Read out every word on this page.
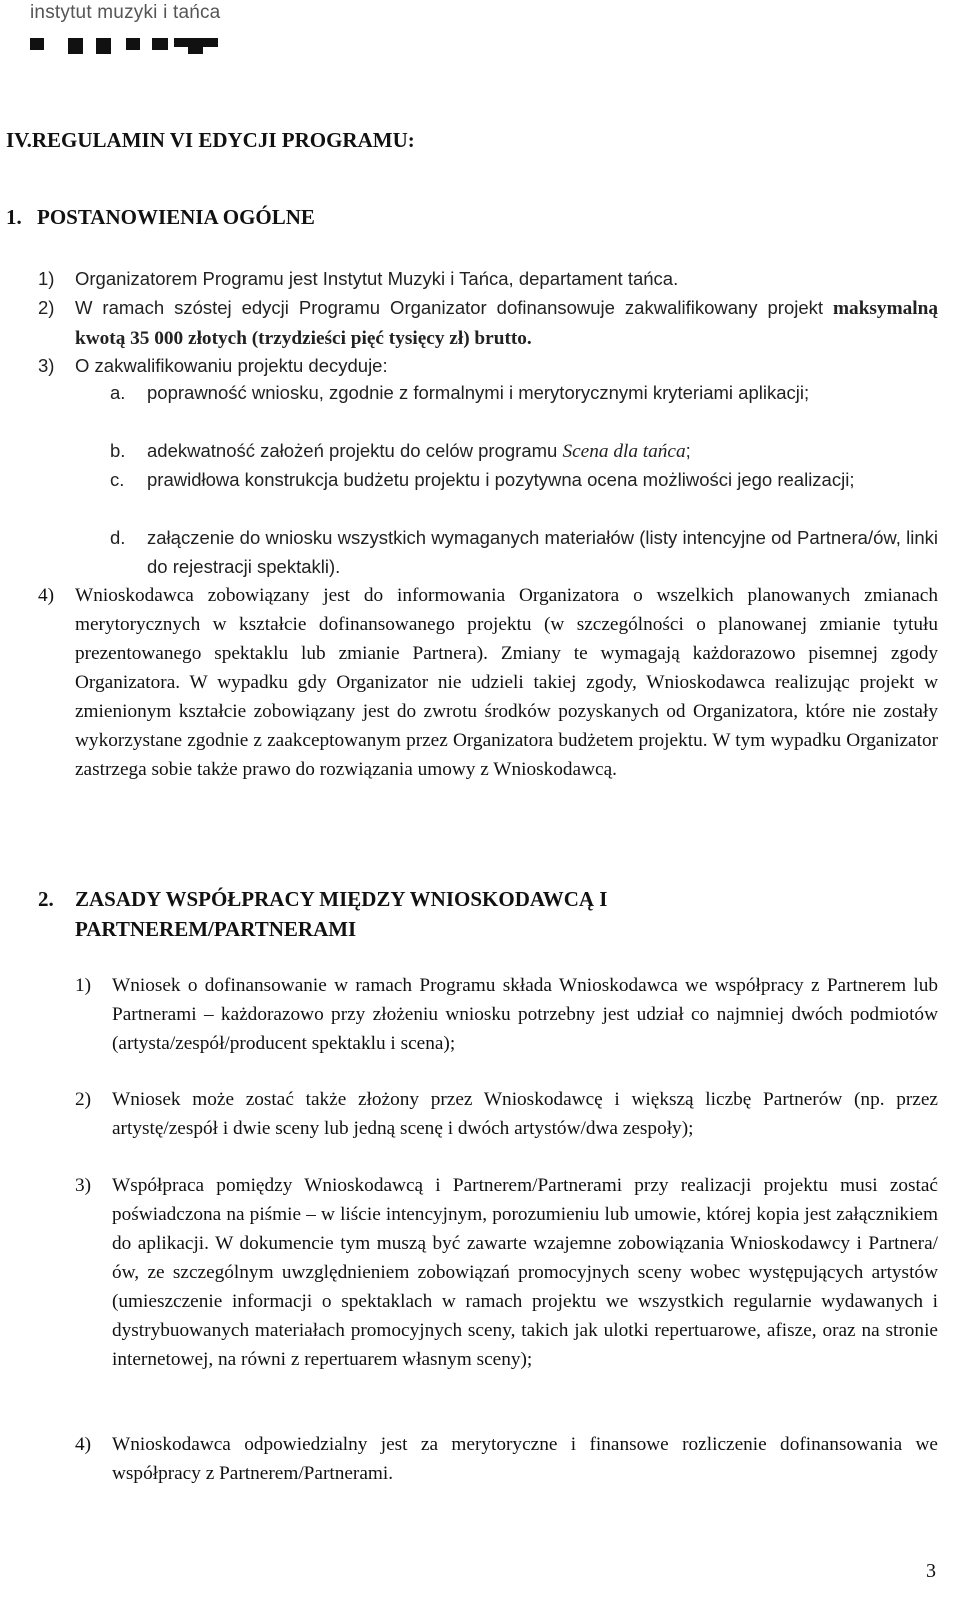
instytut muzyki i tańca
IV.REGULAMIN VI EDYCJI PROGRAMU:
1. POSTANOWIENIA OGÓLNE
1) Organizatorem Programu jest Instytut Muzyki i Tańca, departament tańca.
2) W ramach szóstej edycji Programu Organizator dofinansowuje zakwalifikowany projekt maksymalną kwotą 35 000 złotych (trzydzieści pięć tysięcy zł) brutto.
3) O zakwalifikowaniu projektu decyduje:
a. poprawność wniosku, zgodnie z formalnymi i merytorycznymi kryteriami aplikacji;
b. adekwatność założeń projektu do celów programu Scena dla tańca;
c. prawidłowa konstrukcja budżetu projektu i pozytywna ocena możliwości jego realizacji;
d. załączenie do wniosku wszystkich wymaganych materiałów (listy intencyjne od Partnera/ów, linki do rejestracji spektakli).
4) Wnioskodawca zobowiązany jest do informowania Organizatora o wszelkich planowanych zmianach merytorycznych w kształcie dofinansowanego projektu (w szczególności o planowanej zmianie tytułu prezentowanego spektaklu lub zmianie Partnera). Zmiany te wymagają każdorazowo pisemnej zgody Organizatora. W wypadku gdy Organizator nie udzieli takiej zgody, Wnioskodawca realizując projekt w zmienionym kształcie zobowiązany jest do zwrotu środków pozyskanych od Organizatora, które nie zostały wykorzystane zgodnie z zaakceptowanym przez Organizatora budżetem projektu. W tym wypadku Organizator zastrzega sobie także prawo do rozwiązania umowy z Wnioskodawcą.
2. ZASADY WSPÓŁPRACY MIĘDZY WNIOSKODAWCĄ I
PARTNEREM/PARTNERAMI
1) Wniosek o dofinansowanie w ramach Programu składa Wnioskodawca we współpracy z Partnerem lub Partnerami – każdorazowo przy złożeniu wniosku potrzebny jest udział co najmniej dwóch podmiotów (artysta/zespół/producent spektaklu i scena);
2) Wniosek może zostać także złożony przez Wnioskodawcę i większą liczbę Partnerów (np. przez artystę/zespół i dwie sceny lub jedną scenę i dwóch artystów/dwa zespoły);
3) Współpraca pomiędzy Wnioskodawcą i Partnerem/Partnerami przy realizacji projektu musi zostać poświadczona na piśmie – w liście intencyjnym, porozumieniu lub umowie, której kopia jest załącznikiem do aplikacji. W dokumencie tym muszą być zawarte wzajemne zobowiązania Wnioskodawcy i Partnera/ów, ze szczególnym uwzględnieniem zobowiązań promocyjnych sceny wobec występujących artystów (umieszczenie informacji o spektaklach w ramach projektu we wszystkich regularnie wydawanych i dystrybuowanych materiałach promocyjnych sceny, takich jak ulotki repertuarowe, afisze, oraz na stronie internetowej, na równi z repertuarem własnym sceny);
4) Wnioskodawca odpowiedzialny jest za merytoryczne i finansowe rozliczenie dofinansowania we współpracy z Partnerem/Partnerami.
3
